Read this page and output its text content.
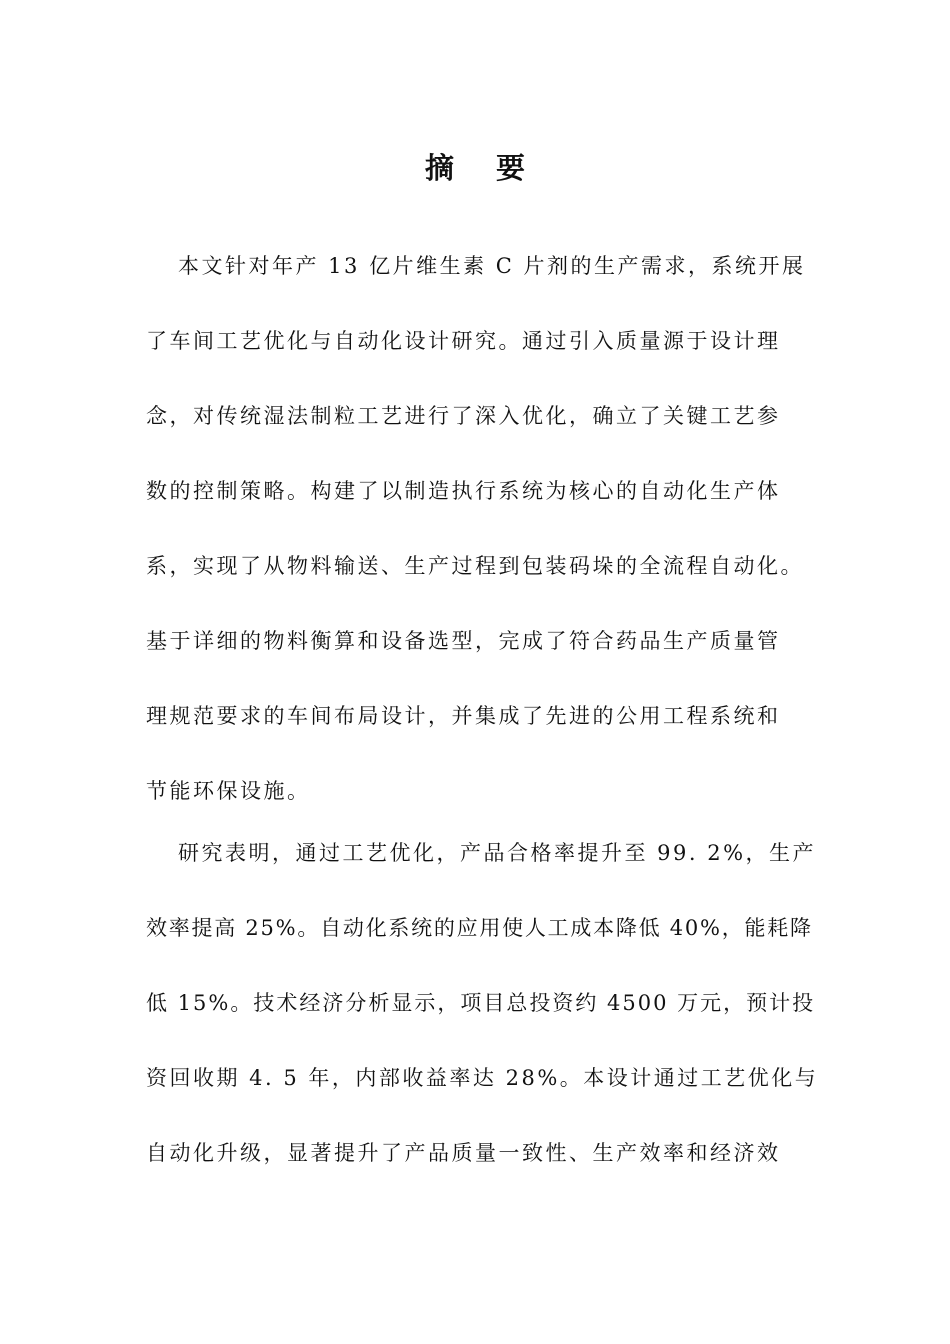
摘 要
本文针对年产 13 亿片维生素 C 片剂的生产需求，系统开展
了车间工艺优化与自动化设计研究。通过引入质量源于设计理
念，对传统湿法制粒工艺进行了深入优化，确立了关键工艺参
数的控制策略。构建了以制造执行系统为核心的自动化生产体
系，实现了从物料输送、生产过程到包装码垛的全流程自动化。
基于详细的物料衡算和设备选型，完成了符合药品生产质量管
理规范要求的车间布局设计，并集成了先进的公用工程系统和
节能环保设施。
研究表明，通过工艺优化，产品合格率提升至 99. 2%，生产
效率提高 25%。自动化系统的应用使人工成本降低 40%，能耗降
低 15%。技术经济分析显示，项目总投资约 4500 万元，预计投
资回收期 4. 5 年，内部收益率达 28%。本设计通过工艺优化与
自动化升级，显著提升了产品质量一致性、生产效率和经济效
